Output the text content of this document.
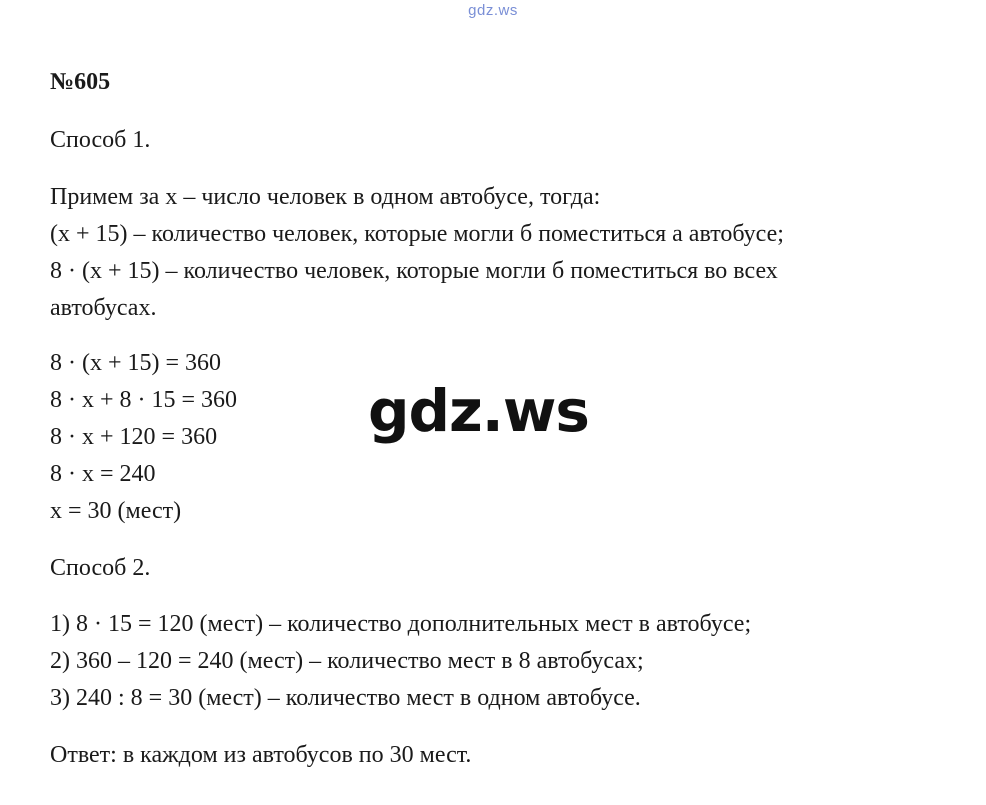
gdz.ws
№605
Способ 1.
Примем за х – число человек в одном автобусе, тогда:
(х + 15) – количество человек, которые могли б поместиться а автобусе;
8 · (х + 15) – количество человек, которые могли б поместиться во всех
автобусах.
8 · (х + 15) = 360
8 · х + 8 · 15 = 360
8 · х + 120 = 360
8 · х = 240
х = 30 (мест)
Способ 2.
1) 8 · 15 = 120 (мест) – количество дополнительных мест в автобусе;
2) 360 – 120 = 240 (мест) – количество мест в 8 автобусах;
3) 240 : 8 = 30 (мест) – количество мест в одном автобусе.
Ответ: в каждом из автобусов по 30 мест.
gdz.ws
